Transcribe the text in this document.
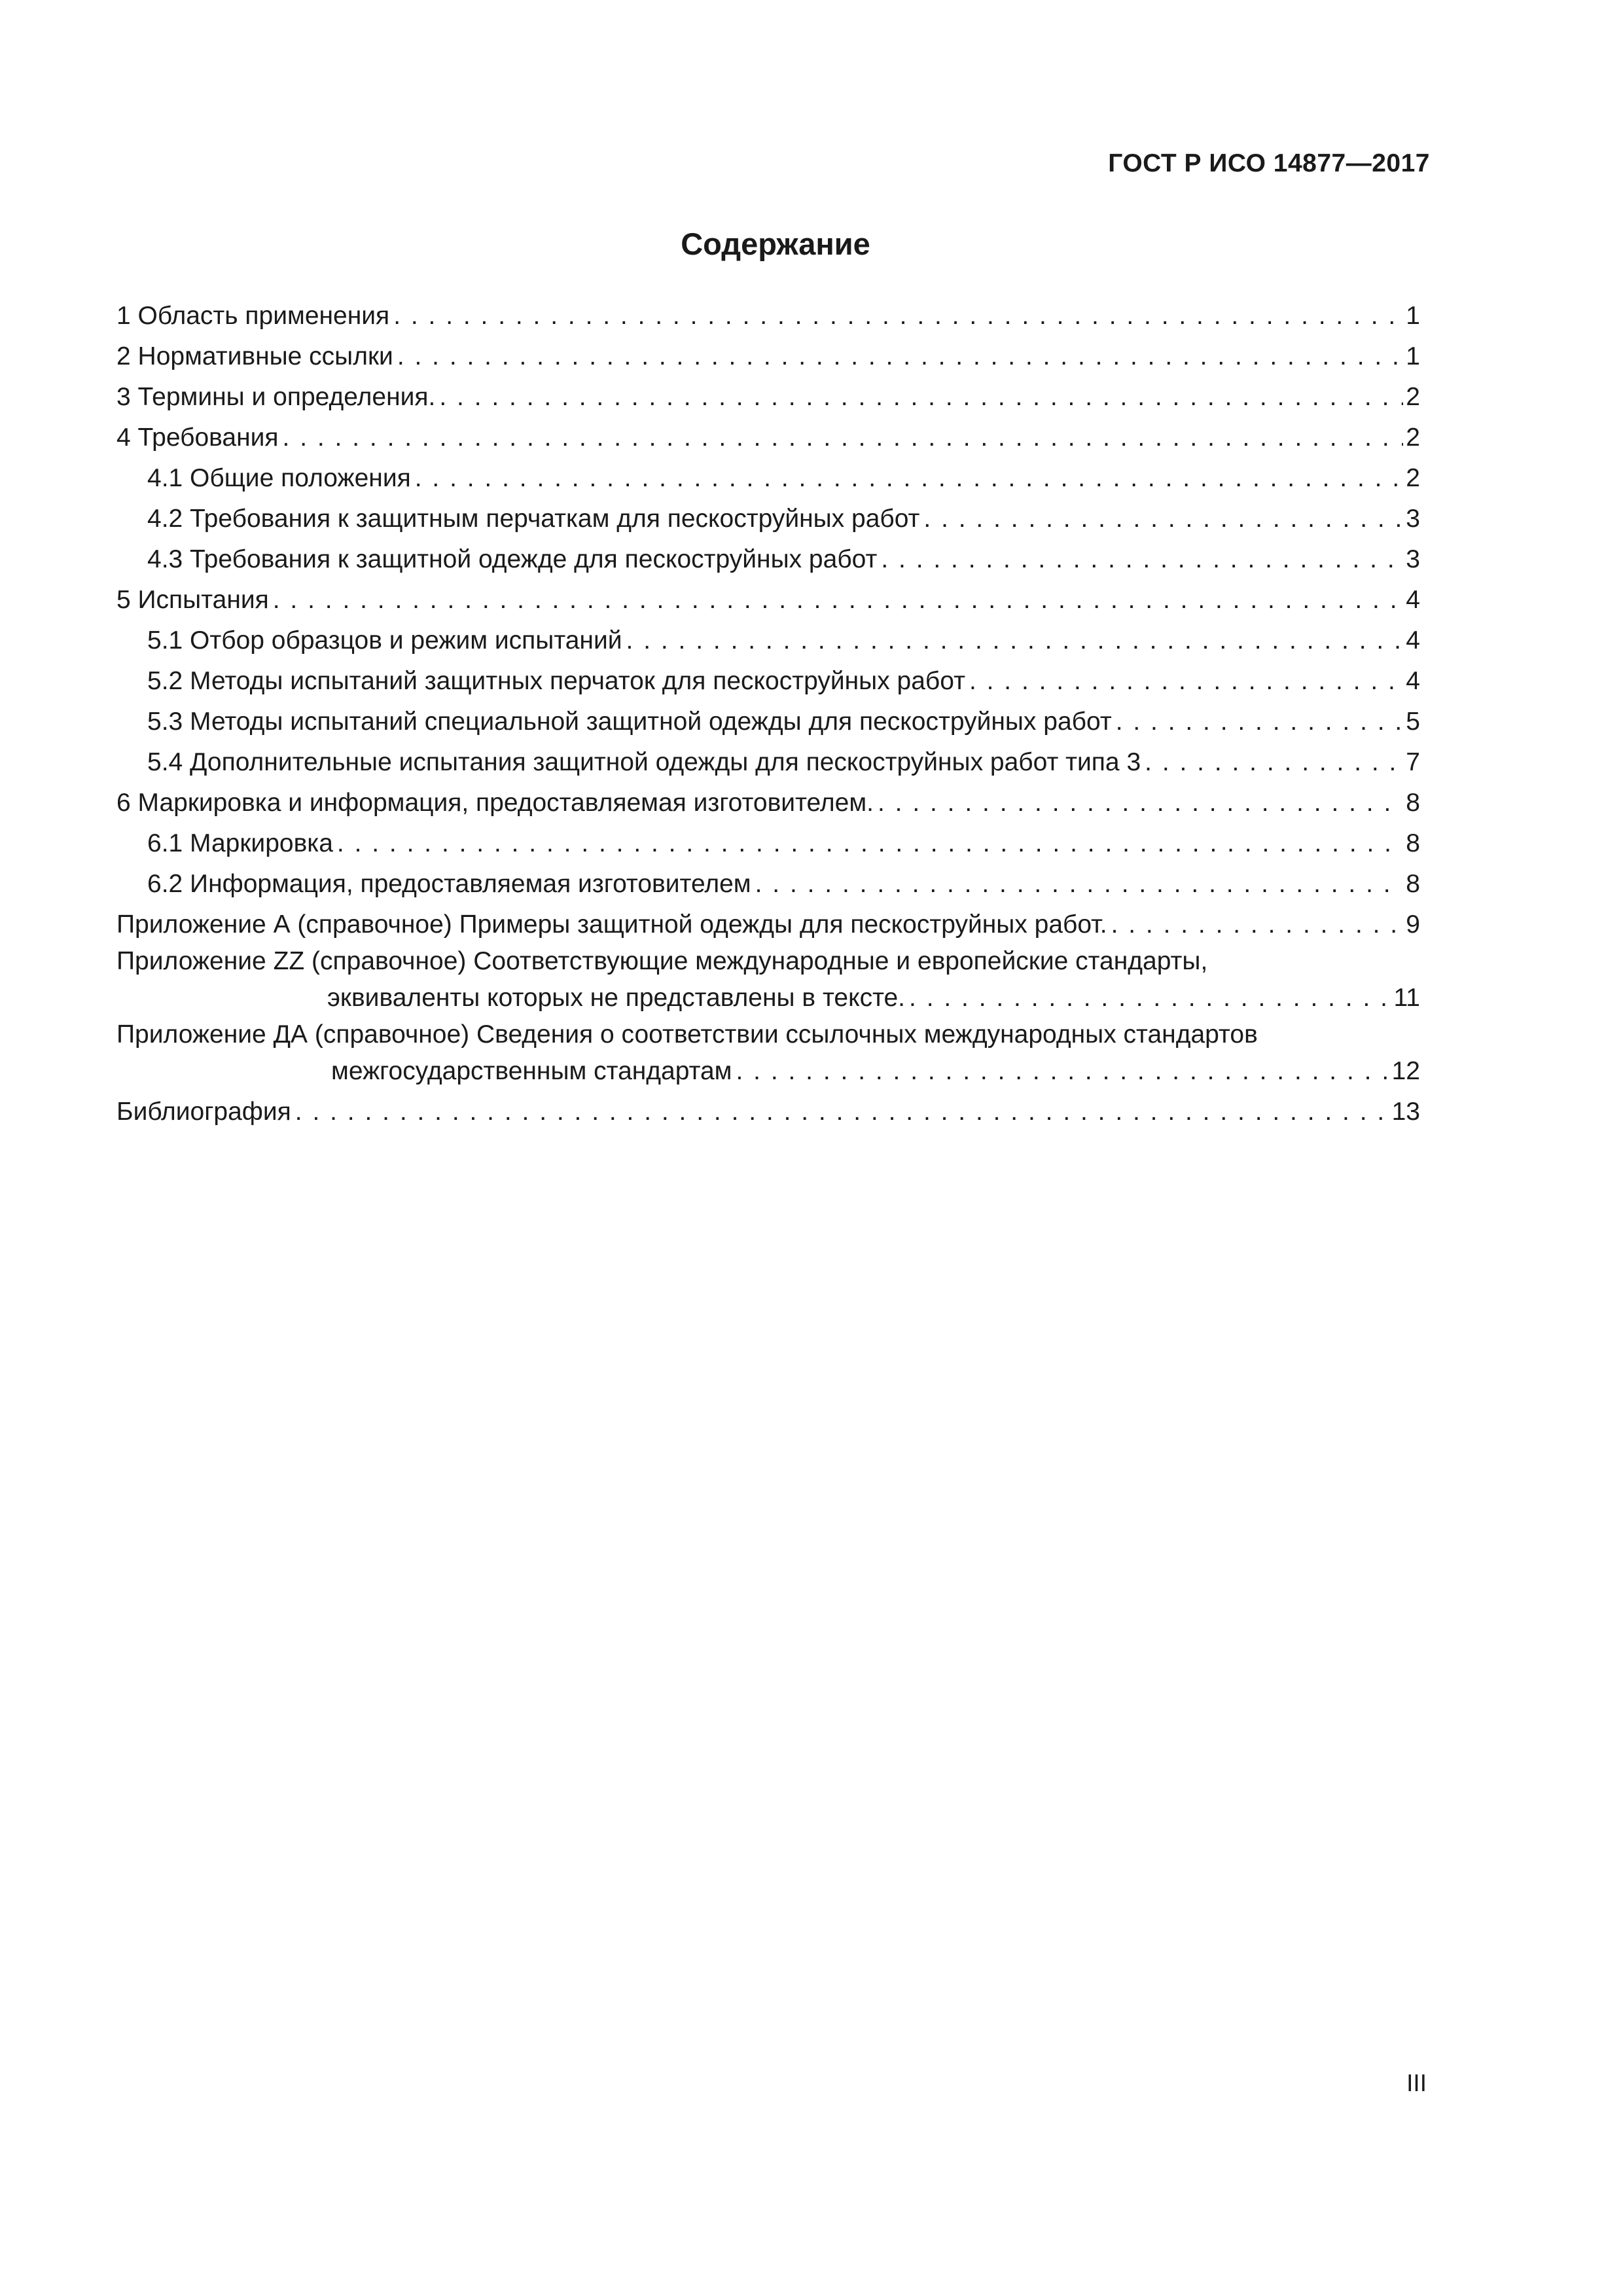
ГОСТ Р ИСО 14877—2017
Содержание
1 Область применения . . .	1
2 Нормативные ссылки . . .	1
3 Термины и определения. . . .	2
4 Требования . . .	2
4.1 Общие положения . . .	2
4.2 Требования к защитным перчаткам для пескоструйных работ . . .	3
4.3 Требования к защитной одежде для пескоструйных работ . . .	3
5 Испытания . . .	4
5.1 Отбор образцов и режим испытаний . . .	4
5.2 Методы испытаний защитных перчаток для пескоструйных работ . . .	4
5.3 Методы испытаний специальной защитной одежды для пескоструйных работ . . .	5
5.4 Дополнительные испытания защитной одежды для пескоструйных работ типа 3 . . .	7
6 Маркировка и информация, предоставляемая изготовителем. . . .	8
6.1 Маркировка . . .	8
6.2 Информация, предоставляемая изготовителем . . .	8
Приложение А (справочное) Примеры защитной одежды для пескоструйных работ. . . .	9
Приложение ZZ (справочное) Соответствующие международные и европейские стандарты,
эквиваленты которых не представлены в тексте. . . .	11
Приложение ДА (справочное) Сведения о соответствии ссылочных международных стандартов
межгосударственным стандартам . . .	12
Библиография . . .	13
III
